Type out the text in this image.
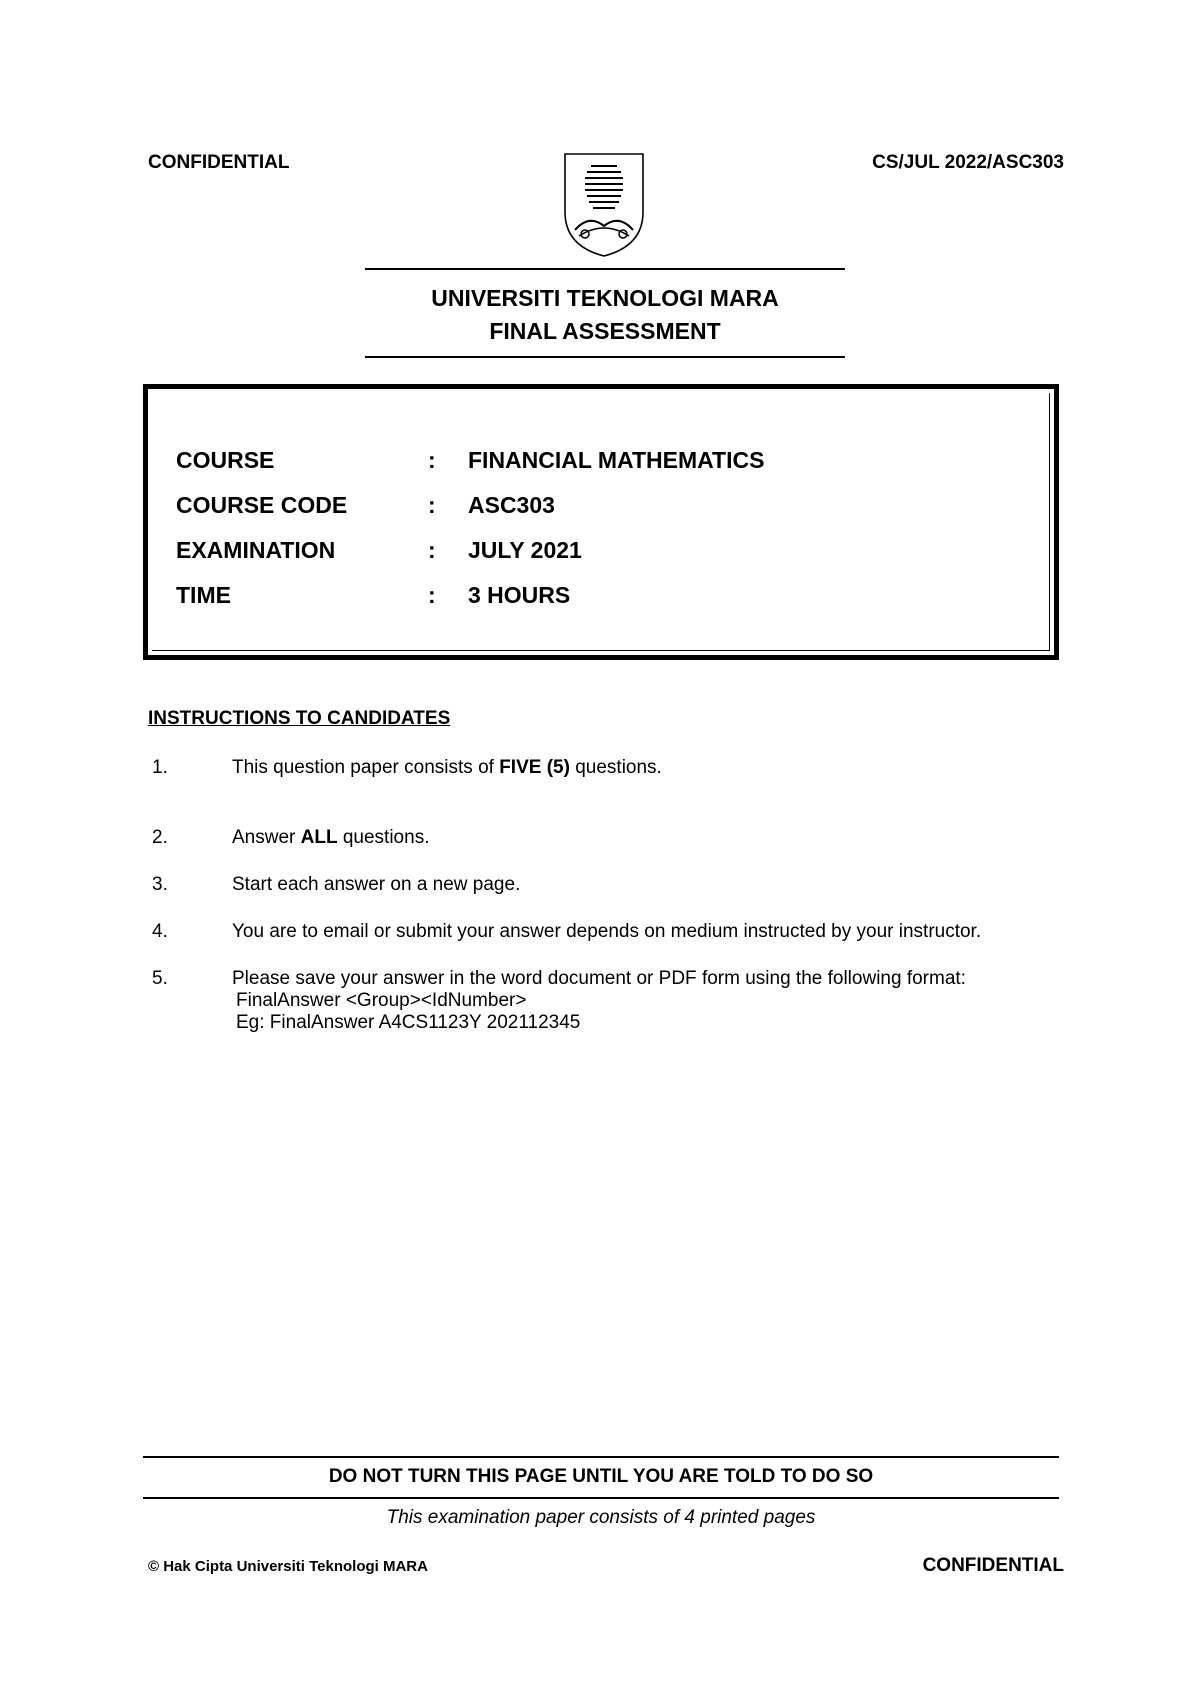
CONFIDENTIAL	CS/JUL 2022/ASC303
UNIVERSITI TEKNOLOGI MARA
FINAL ASSESSMENT
COURSE	: FINANCIAL MATHEMATICS
COURSE CODE	: ASC303
EXAMINATION	: JULY 2021
TIME	: 3 HOURS
INSTRUCTIONS TO CANDIDATES
1.	This question paper consists of FIVE (5) questions.
2.	Answer ALL questions.
3.	Start each answer on a new page.
4.	You are to email or submit your answer depends on medium instructed by your instructor.
5.	Please save your answer in the word document or PDF form using the following format:
FinalAnswer <Group><IdNumber>
Eg: FinalAnswer A4CS1123Y 202112345
DO NOT TURN THIS PAGE UNTIL YOU ARE TOLD TO DO SO
This examination paper consists of 4 printed pages
© Hak Cipta Universiti Teknologi MARA	CONFIDENTIAL
